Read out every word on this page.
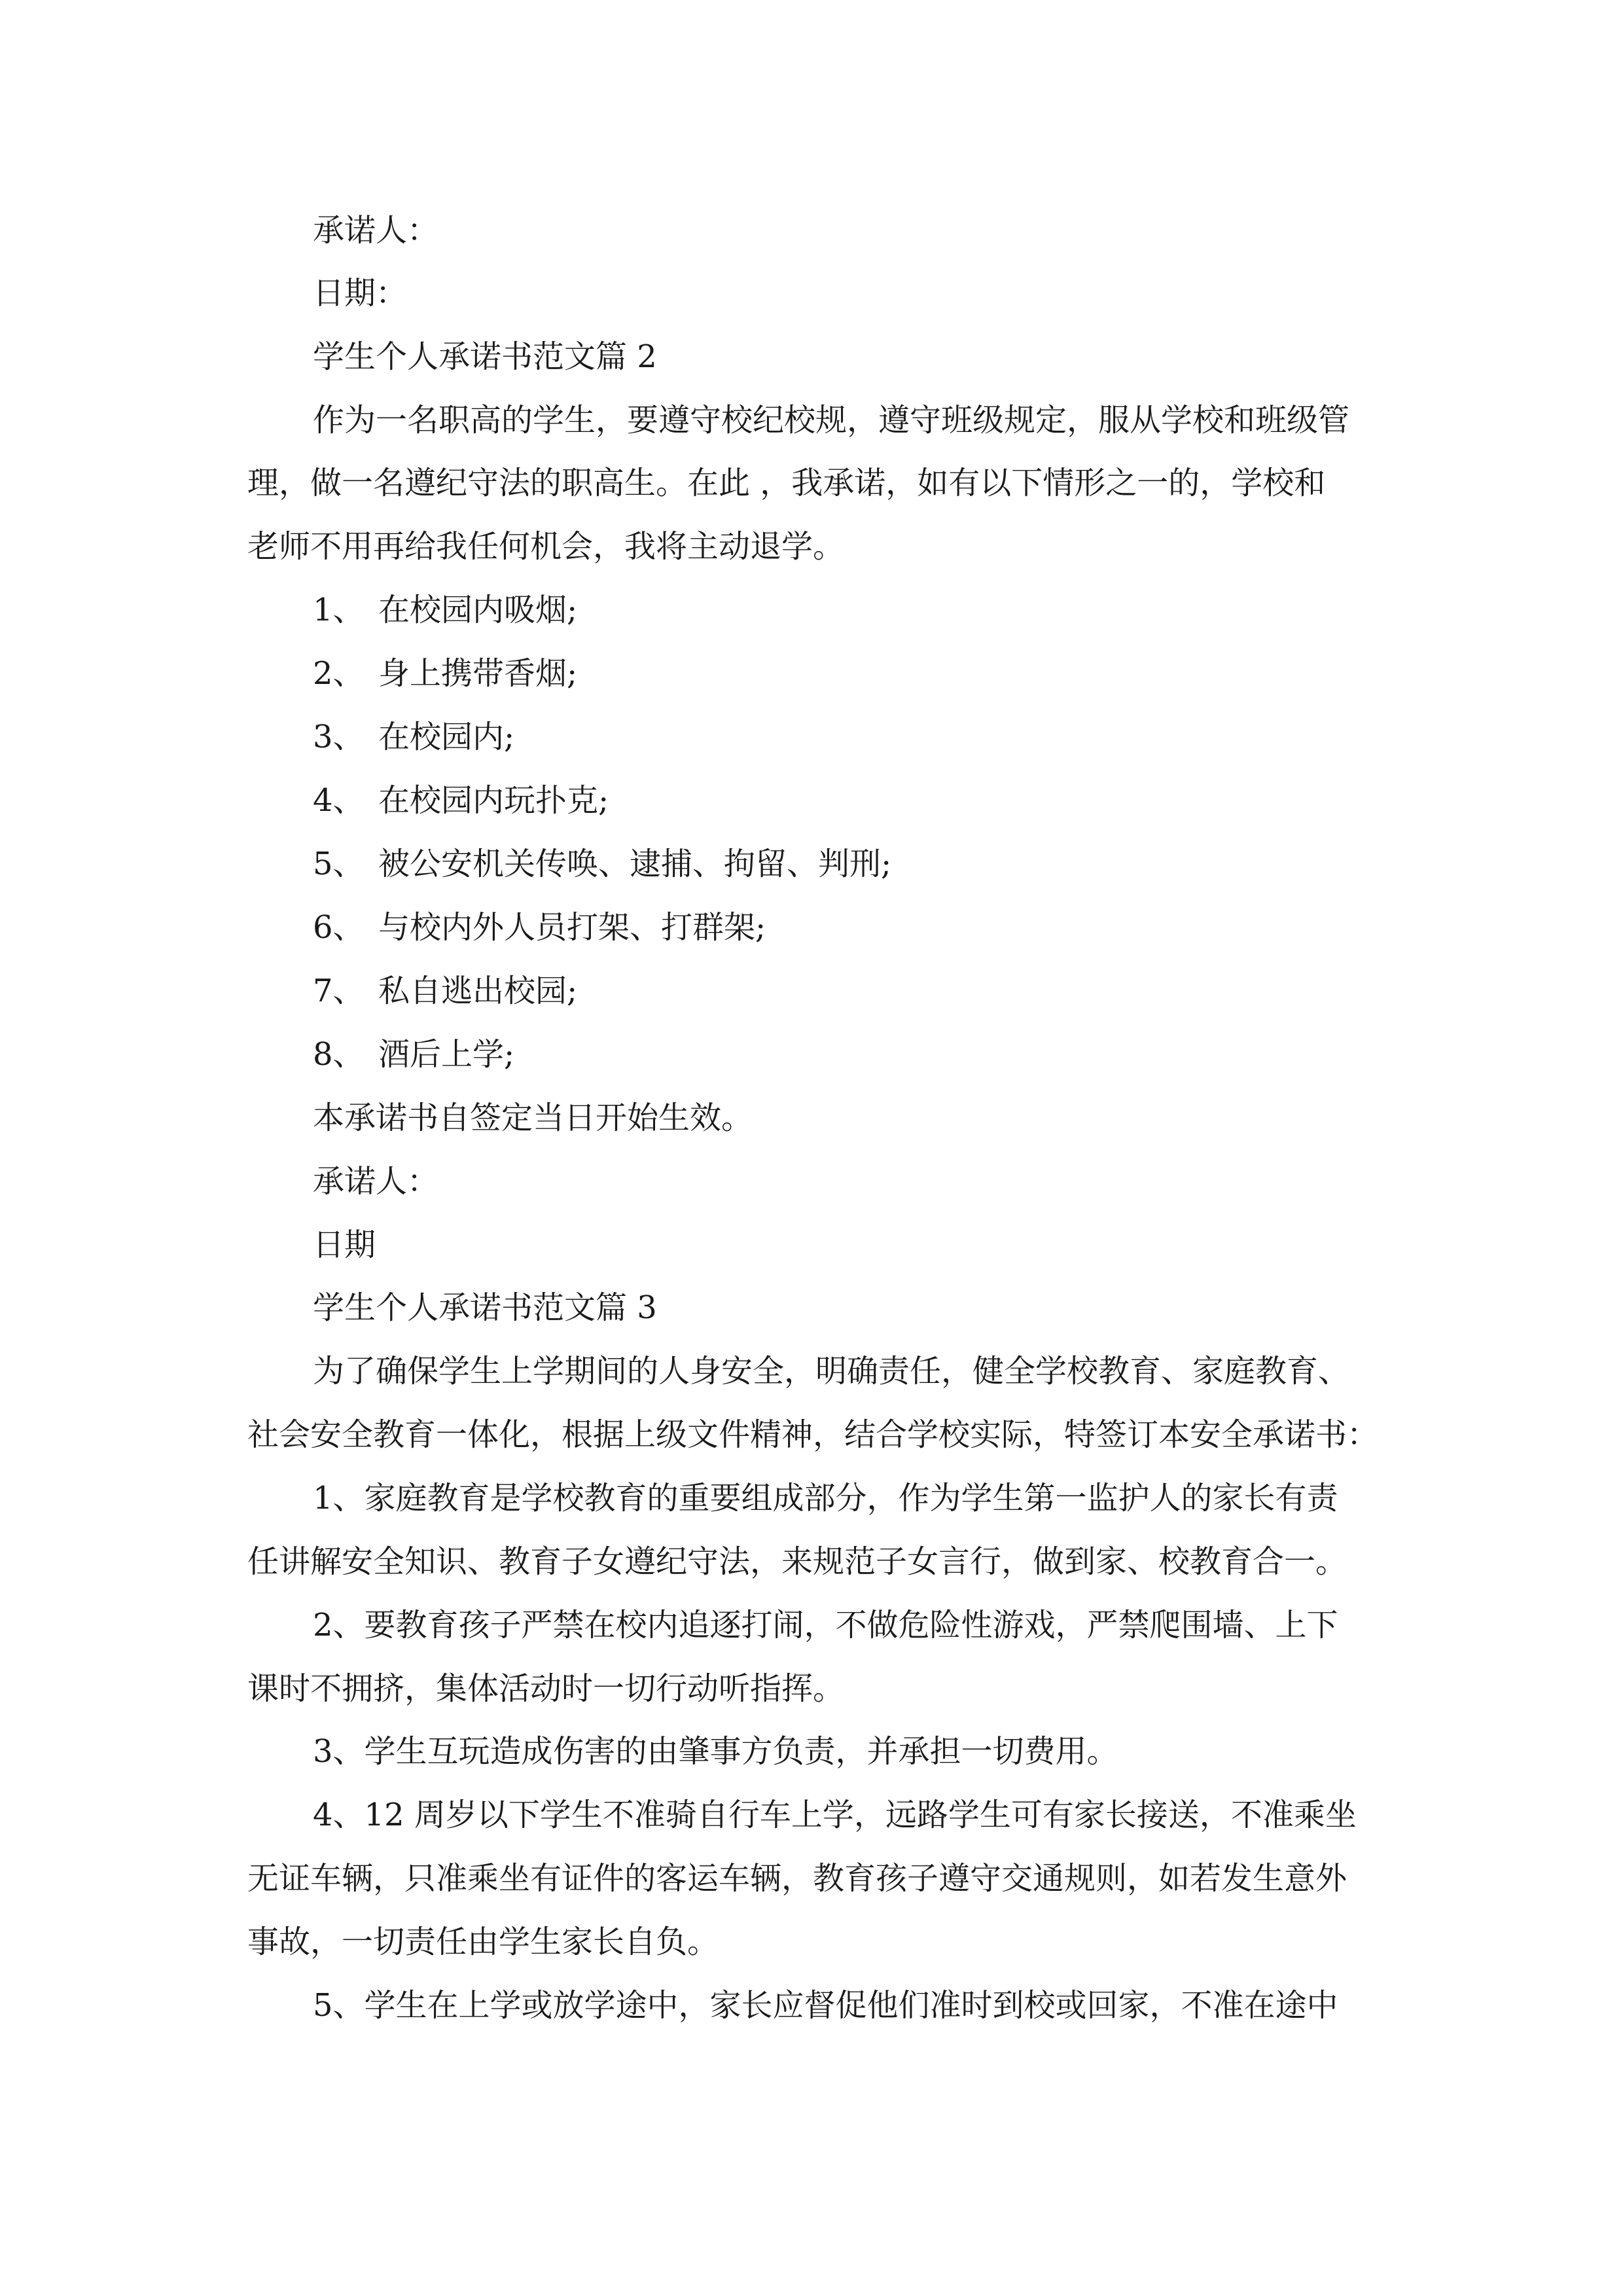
承诺人：
日期：
学生个人承诺书范文篇 2
作为一名职高的学生，要遵守校纪校规，遵守班级规定，服从学校和班级管
理，做一名遵纪守法的职高生。在此 ，我承诺，如有以下情形之一的，学校和
老师不用再给我任何机会，我将主动退学。
1、 在校园内吸烟;
2、 身上携带香烟;
3、 在校园内;
4、 在校园内玩扑克;
5、 被公安机关传唤、逮捕、拘留、判刑;
6、 与校内外人员打架、打群架;
7、 私自逃出校园;
8、 酒后上学;
本承诺书自签定当日开始生效。
承诺人：
日期
学生个人承诺书范文篇 3
为了确保学生上学期间的人身安全，明确责任，健全学校教育、家庭教育、
社会安全教育一体化，根据上级文件精神，结合学校实际，特签订本安全承诺书：
1、家庭教育是学校教育的重要组成部分，作为学生第一监护人的家长有责
任讲解安全知识、教育子女遵纪守法，来规范子女言行，做到家、校教育合一。
2、要教育孩子严禁在校内追逐打闹，不做危险性游戏，严禁爬围墙、上下
课时不拥挤，集体活动时一切行动听指挥。
3、学生互玩造成伤害的由肇事方负责，并承担一切费用。
4、12 周岁以下学生不准骑自行车上学，远路学生可有家长接送，不准乘坐
无证车辆，只准乘坐有证件的客运车辆，教育孩子遵守交通规则，如若发生意外
事故，一切责任由学生家长自负。
5、学生在上学或放学途中，家长应督促他们准时到校或回家，不准在途中
